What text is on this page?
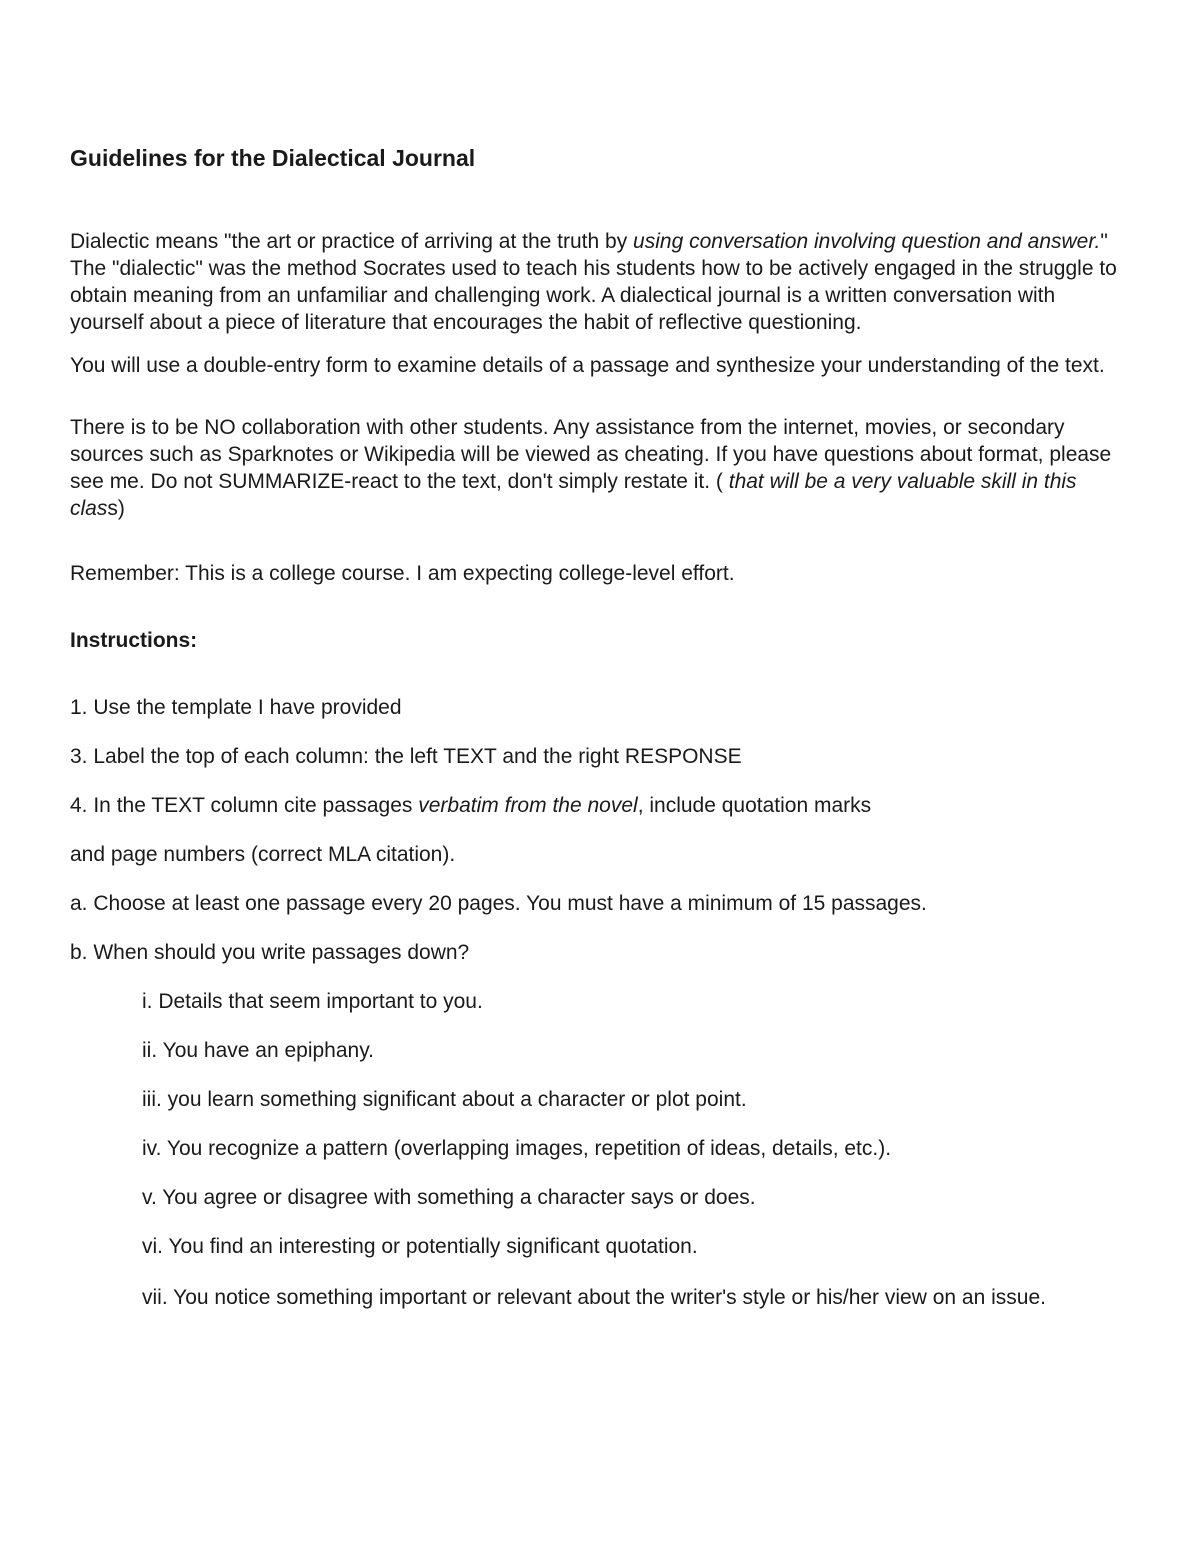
Guidelines for the Dialectical Journal

Dialectic means "the art or practice of arriving at the truth by using conversation involving question and answer." The "dialectic" was the method Socrates used to teach his students how to be actively engaged in the struggle to obtain meaning from an unfamiliar and challenging work. A dialectical journal is a written conversation with yourself about a piece of literature that encourages the habit of reflective questioning.

You will use a double-entry form to examine details of a passage and synthesize your understanding of the text.

There is to be NO collaboration with other students. Any assistance from the internet, movies, or secondary sources such as Sparknotes or Wikipedia will be viewed as cheating. If you have questions about format, please see me. Do not SUMMARIZE-react to the text, don't simply restate it. ( that will be a very valuable skill in this class)

Remember: This is a college course. I am expecting college-level effort.

Instructions:

1. Use the template I have provided

3. Label the top of each column: the left TEXT and the right RESPONSE

4. In the TEXT column cite passages verbatim from the novel, include quotation marks

and page numbers (correct MLA citation).

a. Choose at least one passage every 20 pages. You must have a minimum of 15 passages.

b. When should you write passages down?

i. Details that seem important to you.

ii. You have an epiphany.

iii. you learn something significant about a character or plot point.

iv. You recognize a pattern (overlapping images, repetition of ideas, details, etc.).

v. You agree or disagree with something a character says or does.

vi. You find an interesting or potentially significant quotation.

vii. You notice something important or relevant about the writer's style or his/her view on an issue.
